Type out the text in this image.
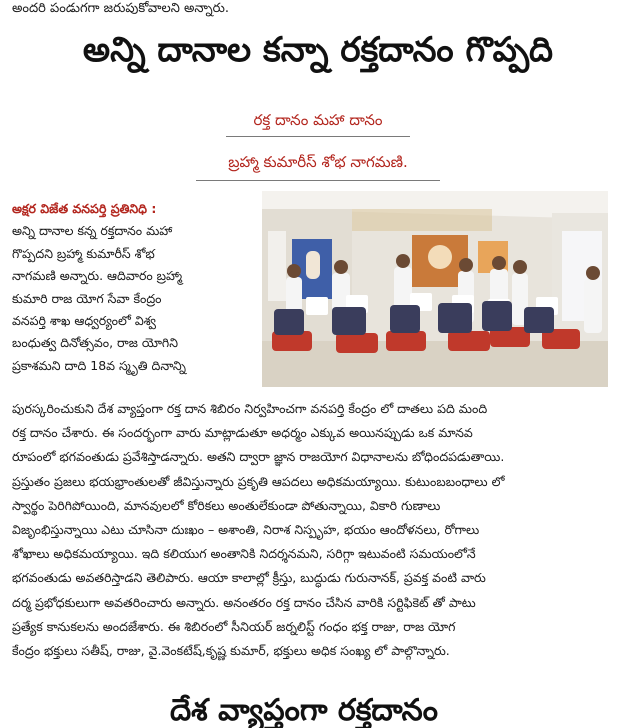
అందరి పండుగగా జరుపుకోవాలని అన్నారు.
అన్ని దానాల కన్నా రక్తదానం గొప్పది
రక్త దానం మహా దానం
బ్రహ్మా కుమారీస్ శోభ నాగమణి.

అక్షర విజేత వనపర్తి ప్రతినిధి :

అన్ని దానాల కన్న రక్తదానం మహా

గొప్పదని బ్రహ్మా కుమారీస్ శోభ

నాగమణి అన్నారు. ఆదివారం బ్రహ్మా

కుమారి రాజ యోగ సేవా కేంద్రం

వనపర్తి శాఖ ఆధ్వర్యంలో విశ్వ

బంధుత్వ దినోత్సవం, రాజ యోగిని

ప్రకాశమని దాది 18వ స్మృతి దినాన్ని

పురస్కరించుకుని దేశ వ్యాప్తంగా రక్త దాన శిబిరం నిర్వహించగా వనపర్తి కేంద్రం లో దాతలు పది మంది

రక్త దానం చేశారు. ఈ సందర్భంగా వారు మాట్లాడుతూ అధర్మం ఎక్కువ అయినప్పుడు ఒక మానవ

రూపంలో భగవంతుడు ప్రవేశిస్తాడన్నారు. అతని ద్వారా జ్ఞాన రాజయోగ విధానాలను బోధిందపడుతాయి.

ప్రస్తుతం ప్రజలు భయభ్రాంతులతో జీవిస్తున్నారు ప్రకృతి ఆపదలు అధికమయ్యాయి. కుటుంబబంధాలు లో

స్వార్థం పెరిగిపోయింది, మానవులలో కోరికలు అంతులేకుండా పోతున్నాయి, వికారి గుణాలు

విజృంభిస్తున్నాయి ఎటు చూసినా దుఃఖం – అశాంతి, నిరాశ నిస్పృహ, భయం ఆందోళనలు, రోగాలు

శోఖాలు అధికమయ్యాయి. ఇది కలియుగ అంతానికి నిదర్శనమని, సరిగ్గా ఇటువంటి సమయంలోనే

భగవంతుడు అవతరిస్తాడని తెలిపారు. ఆయా కాలాల్లో క్రీస్తు, బుద్ధుడు గురునానక్, ప్రవక్త వంటి వారు

దర్మ ప్రభోధకులుగా అవతరించారు అన్నారు. అనంతరం రక్త దానం చేసిన వారికి సర్టిఫికెట్ తో పాటు

ప్రత్యేక కానుకలను అందజేశారు. ఈ శిబిరంలో సీనియర్ జర్నలిస్ట్ గంధం భక్త రాజు, రాజ యోగ

కేంద్రం భక్తులు సతీష్, రాజు, వై.వెంకటేష్,కృష్ణ కుమార్, భక్తులు అధిక సంఖ్య లో పాల్గొన్నారు.

దేశ వ్యాప్తంగా రక్తదానం
